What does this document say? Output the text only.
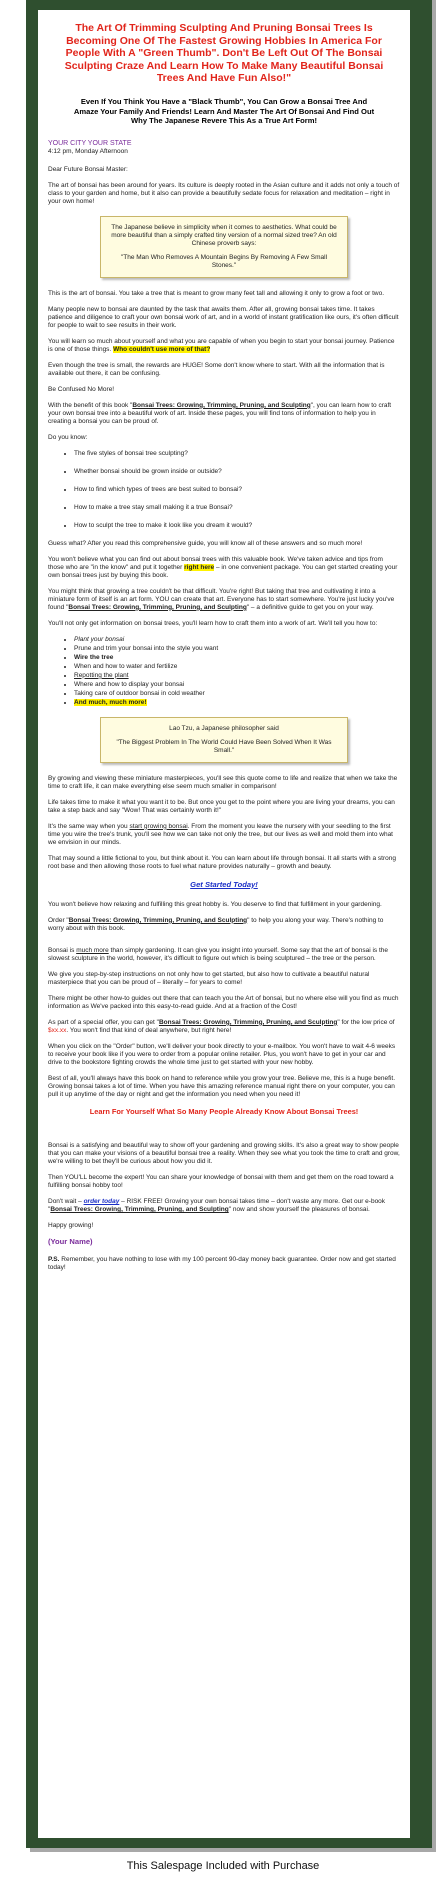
The Art Of Trimming Sculpting And Pruning Bonsai Trees Is Becoming One Of The Fastest Growing Hobbies In America For People With A "Green Thumb". Don't Be Left Out Of The Bonsai Sculpting Craze And Learn How To Make Many Beautiful Bonsai Trees And Have Fun Also!"
Even If You Think You Have a "Black Thumb", You Can Grow a Bonsai Tree And Amaze Your Family And Friends! Learn And Master The Art Of Bonsai And Find Out Why The Japanese Revere This As a True Art Form!
YOUR CITY YOUR STATE
4:12 pm, Monday Afternoon

Dear Future Bonsai Master:

The art of bonsai has been around for years. Its culture is deeply rooted in the Asian culture and it adds not only a touch of class to your garden and home, but it also can provide a beautifully sedate focus for relaxation and meditation – right in your own home!

The Japanese believe in simplicity when it comes to aesthetics. What could be more beautiful than a simply crafted tiny version of a normal sized tree? An old Chinese proverb says:

"The Man Who Removes A Mountain Begins By Removing A Few Small Stones."

This is the art of bonsai. You take a tree that is meant to grow many feet tall and allowing it only to grow a foot or two.

Many people new to bonsai are daunted by the task that awaits them. After all, growing bonsai takes time. It takes patience and diligence to craft your own bonsai work of art, and in a world of instant gratification like ours, it's often difficult for people to wait to see results in their work.

You will learn so much about yourself and what you are capable of when you begin to start your bonsai journey. Patience is one of those things. Who couldn't use more of that?

Even though the tree is small, the rewards are HUGE! Some don't know where to start. With all the information that is available out there, it can be confusing.

Be Confused No More!

With the benefit of this book "Bonsai Trees: Growing, Trimming, Pruning, and Sculpting", you can learn how to craft your own bonsai tree into a beautiful work of art. Inside these pages, you will find tons of information to help you in creating a bonsai you can be proud of.

Do you know:

• The five styles of bonsai tree sculpting?
• Whether bonsai should be grown inside or outside?
• How to find which types of trees are best suited to bonsai?
• How to make a tree stay small making it a true Bonsai?
• How to sculpt the tree to make it look like you dream it would?

Guess what? After you read this comprehensive guide, you will know all of these answers and so much more!

You won't believe what you can find out about bonsai trees with this valuable book. We've taken advice and tips from those who are "in the know" and put it together right here – in one convenient package. You can get started creating your own bonsai trees just by buying this book.

You might think that growing a tree couldn't be that difficult. You're right! But taking that tree and cultivating it into a miniature form of itself is an art form. YOU can create that art. Everyone has to start somewhere. You're just lucky you've found "Bonsai Trees: Growing, Trimming, Pruning, and Sculpting" – a definitive guide to get you on your way.

You'll not only get information on bonsai trees, you'll learn how to craft them into a work of art. We'll tell you how to:

• Plant your bonsai
• Prune and trim your bonsai into the style you want
• Wire the tree
• When and how to water and fertilize
• Repotting the plant
• Where and how to display your bonsai
• Taking care of outdoor bonsai in cold weather
• And much, much more!

Lao Tzu, a Japanese philosopher said

"The Biggest Problem In The World Could Have Been Solved When It Was Small."

By growing and viewing these miniature masterpieces, you'll see this quote come to life and realize that when we take the time to craft life, it can make everything else seem much smaller in comparison!

Life takes time to make it what you want it to be. But once you get to the point where you are living your dreams, you can take a step back and say "Wow! That was certainly worth it!"

It's the same way when you start growing bonsai. From the moment you leave the nursery with your seedling to the first time you wire the tree's trunk, you'll see how we can take not only the tree, but our lives as well and mold them into what we envision in our minds.

That may sound a little fictional to you, but think about it. You can learn about life through bonsai. It all starts with a strong root base and then allowing those roots to fuel what nature provides naturally – growth and beauty.

Get Started Today!

You won't believe how relaxing and fulfilling this great hobby is. You deserve to find that fulfillment in your gardening.

Order "Bonsai Trees: Growing, Trimming, Pruning, and Sculpting" to help you along your way. There's nothing to worry about with this book.

Bonsai is much more than simply gardening. It can give you insight into yourself. Some say that the art of bonsai is the slowest sculpture in the world, however, it's difficult to figure out which is being sculptured – the tree or the person.

We give you step-by-step instructions on not only how to get started, but also how to cultivate a beautiful natural masterpiece that you can be proud of – literally – for years to come!

There might be other how-to guides out there that can teach you the Art of bonsai, but no where else will you find as much information as We've packed into this easy-to-read guide. And at a fraction of the Cost!

As part of a special offer, you can get "Bonsai Trees: Growing, Trimming, Pruning, and Sculpting" for the low price of $xx.xx. You won't find that kind of deal anywhere, but right here!

When you click on the "Order" button, we'll deliver your book directly to your e-mailbox. You won't have to wait 4-6 weeks to receive your book like if you were to order from a popular online retailer. Plus, you won't have to get in your car and drive to the bookstore fighting crowds the whole time just to get started with your new hobby.

Best of all, you'll always have this book on hand to reference while you grow your tree. Believe me, this is a huge benefit. Growing bonsai takes a lot of time. When you have this amazing reference manual right there on your computer, you can pull it up anytime of the day or night and get the information you need when you need it!

Learn For Yourself What So Many People Already Know About Bonsai Trees!

Bonsai is a satisfying and beautiful way to show off your gardening and growing skills. It's also a great way to show people that you can make your visions of a beautiful bonsai tree a reality. When they see what you took the time to craft and grow, we're willing to bet they'll be curious about how you did it.

Then YOU'LL become the expert! You can share your knowledge of bonsai with them and get them on the road toward a fulfilling bonsai hobby too!

Don't wait – order today – RISK FREE! Growing your own bonsai takes time – don't waste any more. Get our e-book "Bonsai Trees: Growing, Trimming, Pruning, and Sculpting" now and show yourself the pleasures of bonsai.

Happy growing!

(Your Name)

P.S. Remember, you have nothing to lose with my 100 percent 90-day money back guarantee. Order now and get started today!

This Salespage Included with Purchase
